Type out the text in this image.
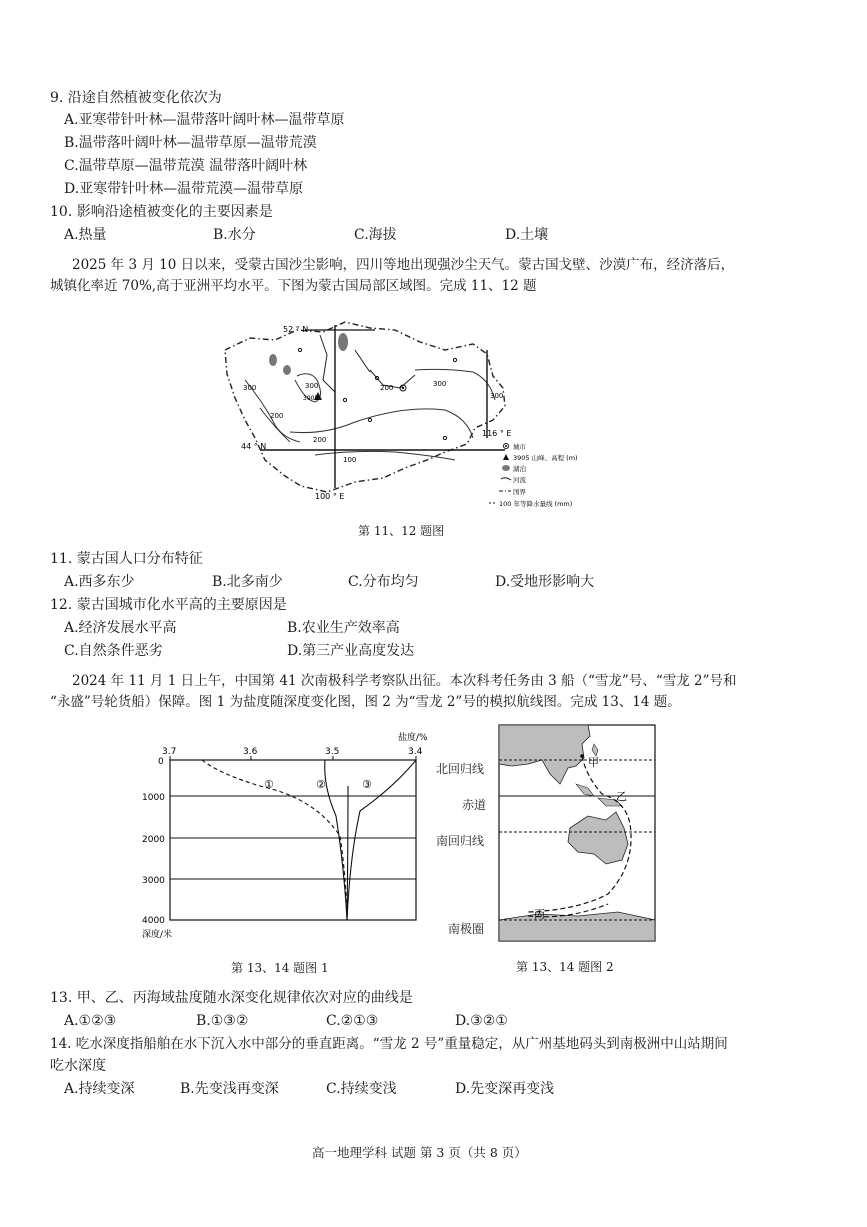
9. 沿途自然植被变化依次为
A.亚寒带针叶林—温带落叶阔叶林—温带草原
B.温带落叶阔叶林—温带草原—温带荒漠
C.温带草原—温带荒漠 温带落叶阔叶林
D.亚寒带针叶林—温带荒漠—温带草原
10. 影响沿途植被变化的主要因素是
A.热量	B.水分	C.海拔	D.土壤
2025 年 3 月 10 日以来，受蒙古国沙尘影响，四川等地出现强沙尘天气。蒙古国戈壁、沙漠广布，经济落后，
城镇化率近 70%,高于亚洲平均水平。下图为蒙古国局部区域图。完成 11、12 题
52 ° N
44 ° N
100 ° E
116 ° E
300
300	300
300
200
200
100
200
3905
城市
3905 山峰、高程 (m)
湖泊
河流
国界
100 年等降水量线 (mm)
第 11、12 题图
11. 蒙古国人口分布特征
A.西多东少	B.北多南少	C.分布均匀	D.受地形影响大
12. 蒙古国城市化水平高的主要原因是
A.经济发展水平高	B.农业生产效率高
C.自然条件恶劣	D.第三产业高度发达
2024 年 11 月 1 日上午，中国第 41 次南极科学考察队出征。本次科考任务由 3 船（“雪龙”号、“雪龙 2”号和
“永盛”号轮货船）保障。图 1 为盐度随深度变化图，图 2 为“雪龙 2”号的模拟航线图。完成 13、14 题。
3.7	3.6	3.5	3.4
盐度/%
0
1000
2000
3000
4000
深度/米
①	②	③
第 13、14 题图 1
北回归线
赤道
南回归线
南极圈
甲
乙
丙
第 13、14 题图 2
13. 甲、乙、丙海域盐度随水深变化规律依次对应的曲线是
A.①②③	B.①③②	C.②①③	D.③②①
14. 吃水深度指船舶在水下沉入水中部分的垂直距离。“雪龙 2 号”重量稳定，从广州基地码头到南极洲中山站期间
吃水深度
A.持续变深	B.先变浅再变深	C.持续变浅	D.先变深再变浅
高一地理学科 试题 第 3 页（共 8 页）
